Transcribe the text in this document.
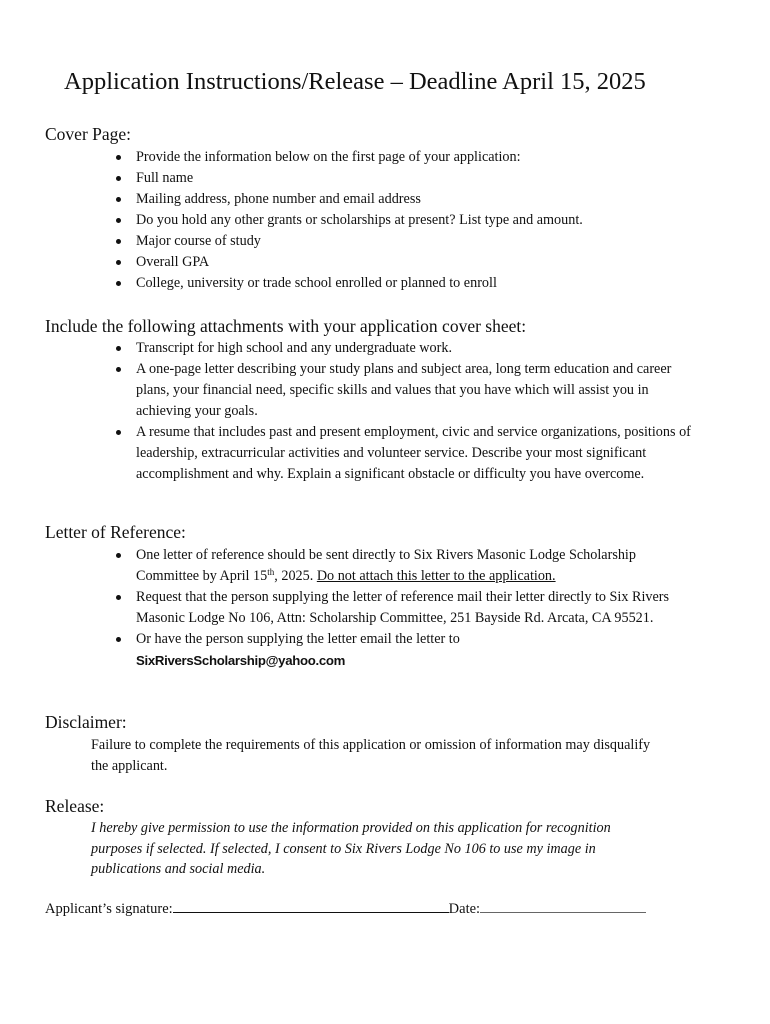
Application Instructions/Release – Deadline April 15, 2025
Cover Page:
Provide the information below on the first page of your application:
Full name
Mailing address, phone number and email address
Do you hold any other grants or scholarships at present? List type and amount.
Major course of study
Overall GPA
College, university or trade school enrolled or planned to enroll
Include the following attachments with your application cover sheet:
Transcript for high school and any undergraduate work.
A one-page letter describing your study plans and subject area, long term education and career plans, your financial need, specific skills and values that you have which will assist you in achieving your goals.
A resume that includes past and present employment, civic and service organizations, positions of leadership, extracurricular activities and volunteer service. Describe your most significant accomplishment and why. Explain a significant obstacle or difficulty you have overcome.
Letter of Reference:
One letter of reference should be sent directly to Six Rivers Masonic Lodge Scholarship Committee by April 15th, 2025. Do not attach this letter to the application.
Request that the person supplying the letter of reference mail their letter directly to Six Rivers Masonic Lodge No 106, Attn: Scholarship Committee, 251 Bayside Rd. Arcata, CA 95521.
Or have the person supplying the letter email the letter to
SixRiversScholarship@yahoo.com
Disclaimer:

Failure to complete the requirements of this application or omission of information may disqualify the applicant.

Release:

I hereby give permission to use the information provided on this application for recognition purposes if selected. If selected, I consent to Six Rivers Lodge No 106 to use my image in publications and social media.

Applicant’s signature:	Date:
